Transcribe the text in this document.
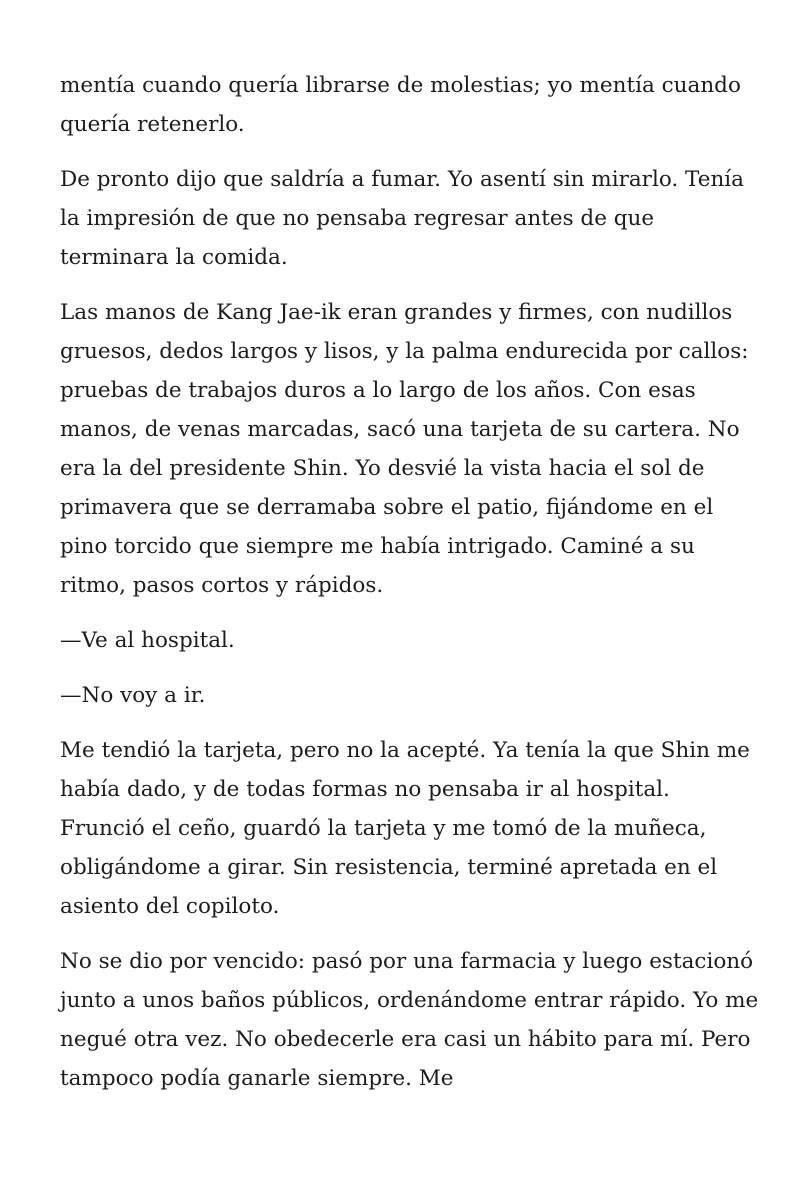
mentía cuando quería librarse de molestias; yo mentía cuando quería retenerlo.

De pronto dijo que saldría a fumar. Yo asentí sin mirarlo. Tenía la impresión de que no pensaba regresar antes de que terminara la comida.

Las manos de Kang Jae-ik eran grandes y firmes, con nudillos gruesos, dedos largos y lisos, y la palma endurecida por callos: pruebas de trabajos duros a lo largo de los años. Con esas manos, de venas marcadas, sacó una tarjeta de su cartera. No era la del presidente Shin. Yo desvié la vista hacia el sol de primavera que se derramaba sobre el patio, fijándome en el pino torcido que siempre me había intrigado. Caminé a su ritmo, pasos cortos y rápidos.

—Ve al hospital.

—No voy a ir.

Me tendió la tarjeta, pero no la acepté. Ya tenía la que Shin me había dado, y de todas formas no pensaba ir al hospital. Frunció el ceño, guardó la tarjeta y me tomó de la muñeca, obligándome a girar. Sin resistencia, terminé apretada en el asiento del copiloto.

No se dio por vencido: pasó por una farmacia y luego estacionó junto a unos baños públicos, ordenándome entrar rápido. Yo me negué otra vez. No obedecerle era casi un hábito para mí. Pero tampoco podía ganarle siempre. Me
